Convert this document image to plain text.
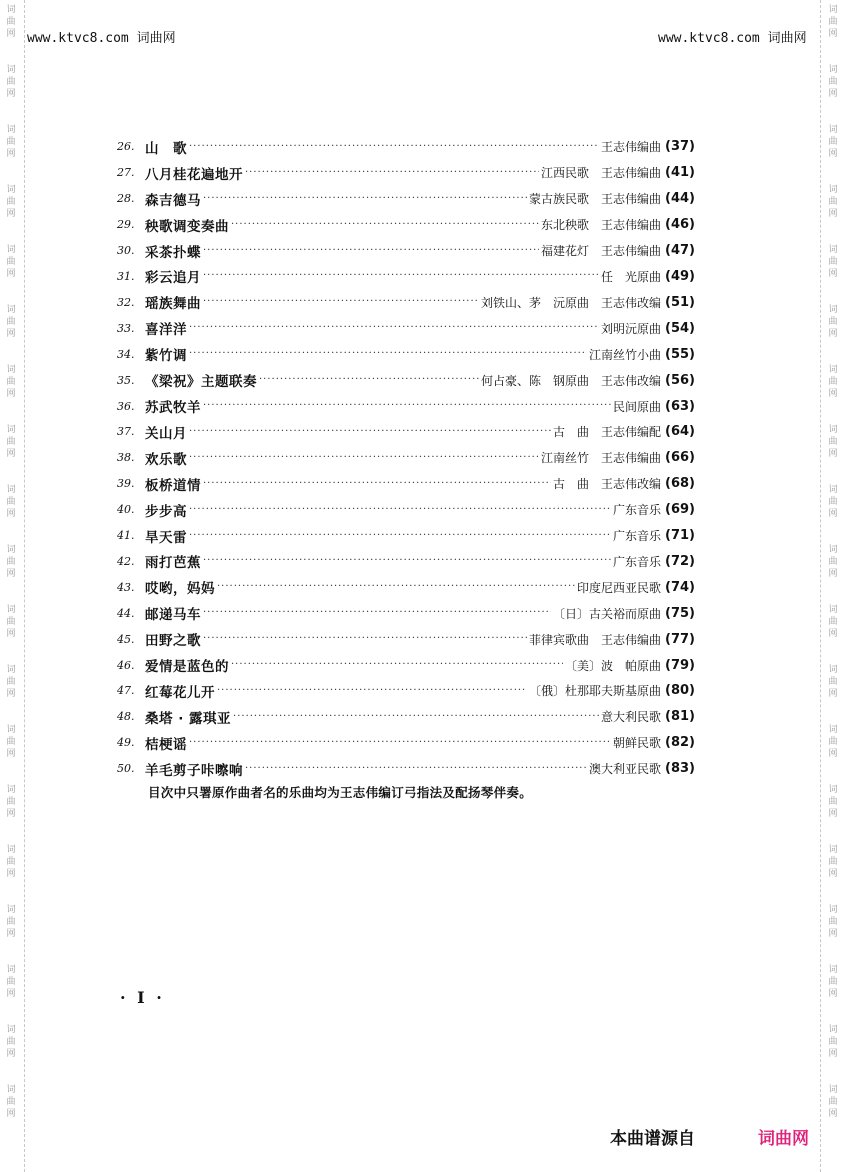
词
曲
网
词
曲
网
词
曲
网
词
曲
网
词
曲
网
词
曲
网
词
曲
网
词
曲
网
词
曲
网
词
曲
网
词
曲
网
词
曲
网
词
曲
网
词
曲
网
词
曲
网
词
曲
网
词
曲
网
词
曲
网
词
曲
网
词
曲
网
词
曲
网
词
曲
网
词
曲
网
词
曲
网
词
曲
网
词
曲
网
词
曲
网
词
曲
网
词
曲
网
词
曲
网
词
曲
网
词
曲
网
词
曲
网
词
曲
网
词
曲
网
词
曲
网
词
曲
网
词
曲
网
www.ktvc8.com 词曲网	www.ktvc8.com 词曲网
26. 山　歌 ·····	王志伟编曲 (37)
27. 八月桂花遍地开 ·····	江西民歌　王志伟编曲 (41)
28. 森吉德马 ·····	蒙古族民歌　王志伟编曲 (44)
29. 秧歌调变奏曲 ·····	东北秧歌　王志伟编曲 (46)
30. 采茶扑蝶 ·····	福建花灯　王志伟编曲 (47)
31. 彩云追月 ·····	任　光原曲 (49)
32. 瑶族舞曲 ·····	刘铁山、茅　沅原曲　王志伟改编 (51)
33. 喜洋洋 ·····	刘明沅原曲 (54)
34. 紫竹调 ·····	江南丝竹小曲 (55)
35. 《梁祝》主题联奏 ·····	何占豪、陈　钢原曲　王志伟改编 (56)
36. 苏武牧羊 ·····	民间原曲 (63)
37. 关山月 ·····	古　曲　王志伟编配 (64)
38. 欢乐歌 ·····	江南丝竹　王志伟编曲 (66)
39. 板桥道情 ·····	古　曲　王志伟改编 (68)
40. 步步高 ·····	广东音乐 (69)
41. 旱天雷 ·····	广东音乐 (71)
42. 雨打芭蕉 ·····	广东音乐 (72)
43. 哎哟，妈妈 ·····	印度尼西亚民歌 (74)
44. 邮递马车 ·····	〔日〕古关裕而原曲 (75)
45. 田野之歌 ·····	菲律宾歌曲　王志伟编曲 (77)
46. 爱情是蓝色的 ·····	〔美〕波　帕原曲 (79)
47. 红莓花儿开 ·····	〔俄〕杜那耶夫斯基原曲 (80)
48. 桑塔 · 露琪亚 ·····	意大利民歌 (81)
49. 桔梗谣 ·····	朝鲜民歌 (82)
50. 羊毛剪子咔嚓响 ·····	澳大利亚民歌 (83)
目次中只署原作曲者名的乐曲均为王志伟编订弓指法及配扬琴伴奏。
· I ·
本曲谱源自	词曲网
